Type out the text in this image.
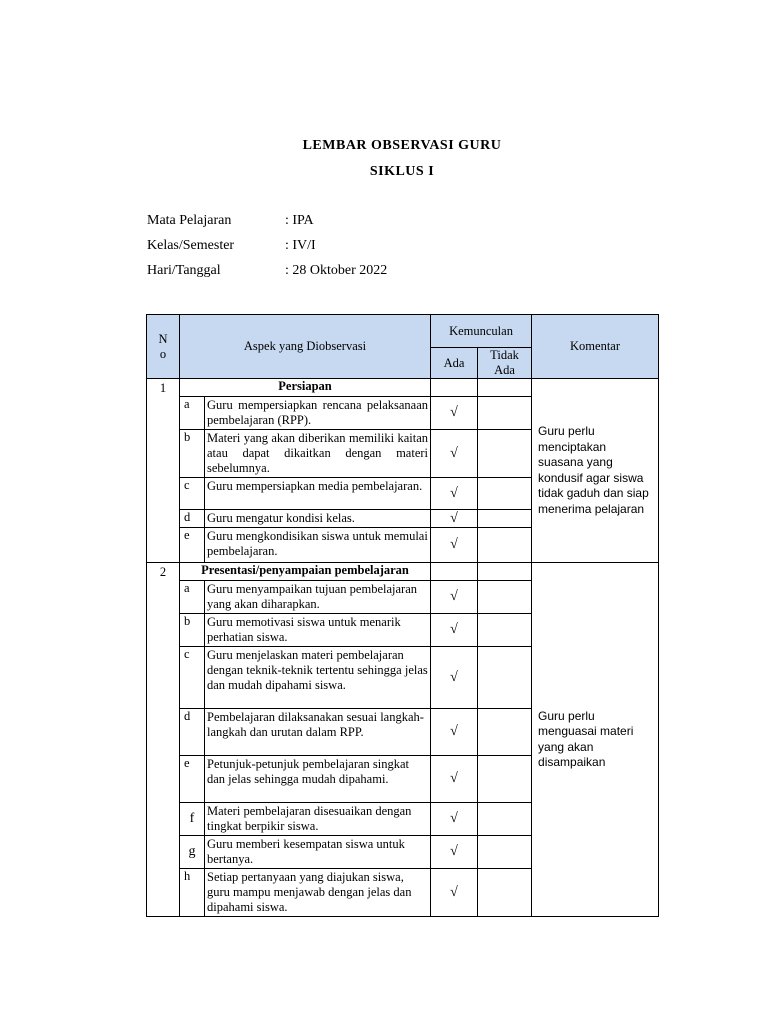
LEMBAR OBSERVASI GURU
SIKLUS I
Mata Pelajaran	: IPA
Kelas/Semester	: IV/I
Hari/Tanggal	: 28 Oktober 2022
N o	Aspek yang Diobservasi		Kemunculan		Komentar
			Ada	Tidak Ada	
1	Persiapan				Guru perlu menciptakan suasana yang kondusif agar siswa tidak gaduh dan siap menerima pelajaran
	a	Guru mempersiapkan rencana pelaksanaan pembelajaran (RPP).	√		
	b	Materi yang akan diberikan memiliki kaitan atau dapat dikaitkan dengan materi sebelumnya.	√		
	c	Guru mempersiapkan media pembelajaran.	√		
	d	Guru mengatur kondisi kelas.	√		
	e	Guru mengkondisikan siswa untuk memulai pembelajaran.	√		
2	Presentasi/penyampaian pembelajaran				Guru perlu menguasai materi yang akan disampaikan
	a	Guru menyampaikan tujuan pembelajaran yang akan diharapkan.	√		
	b	Guru memotivasi siswa untuk menarik perhatian siswa.	√		
	c	Guru menjelaskan materi pembelajaran dengan teknik-teknik tertentu sehingga jelas dan mudah dipahami siswa.	√		
	d	Pembelajaran dilaksanakan sesuai langkah-langkah dan urutan dalam RPP.	√		
	e	Petunjuk-petunjuk pembelajaran singkat dan jelas sehingga mudah dipahami.	√		
	f	Materi pembelajaran disesuaikan dengan tingkat berpikir siswa.	√		
	g	Guru memberi kesempatan siswa untuk bertanya.	√		
	h	Setiap pertanyaan yang diajukan siswa, guru mampu menjawab dengan jelas dan dipahami siswa.	√		
